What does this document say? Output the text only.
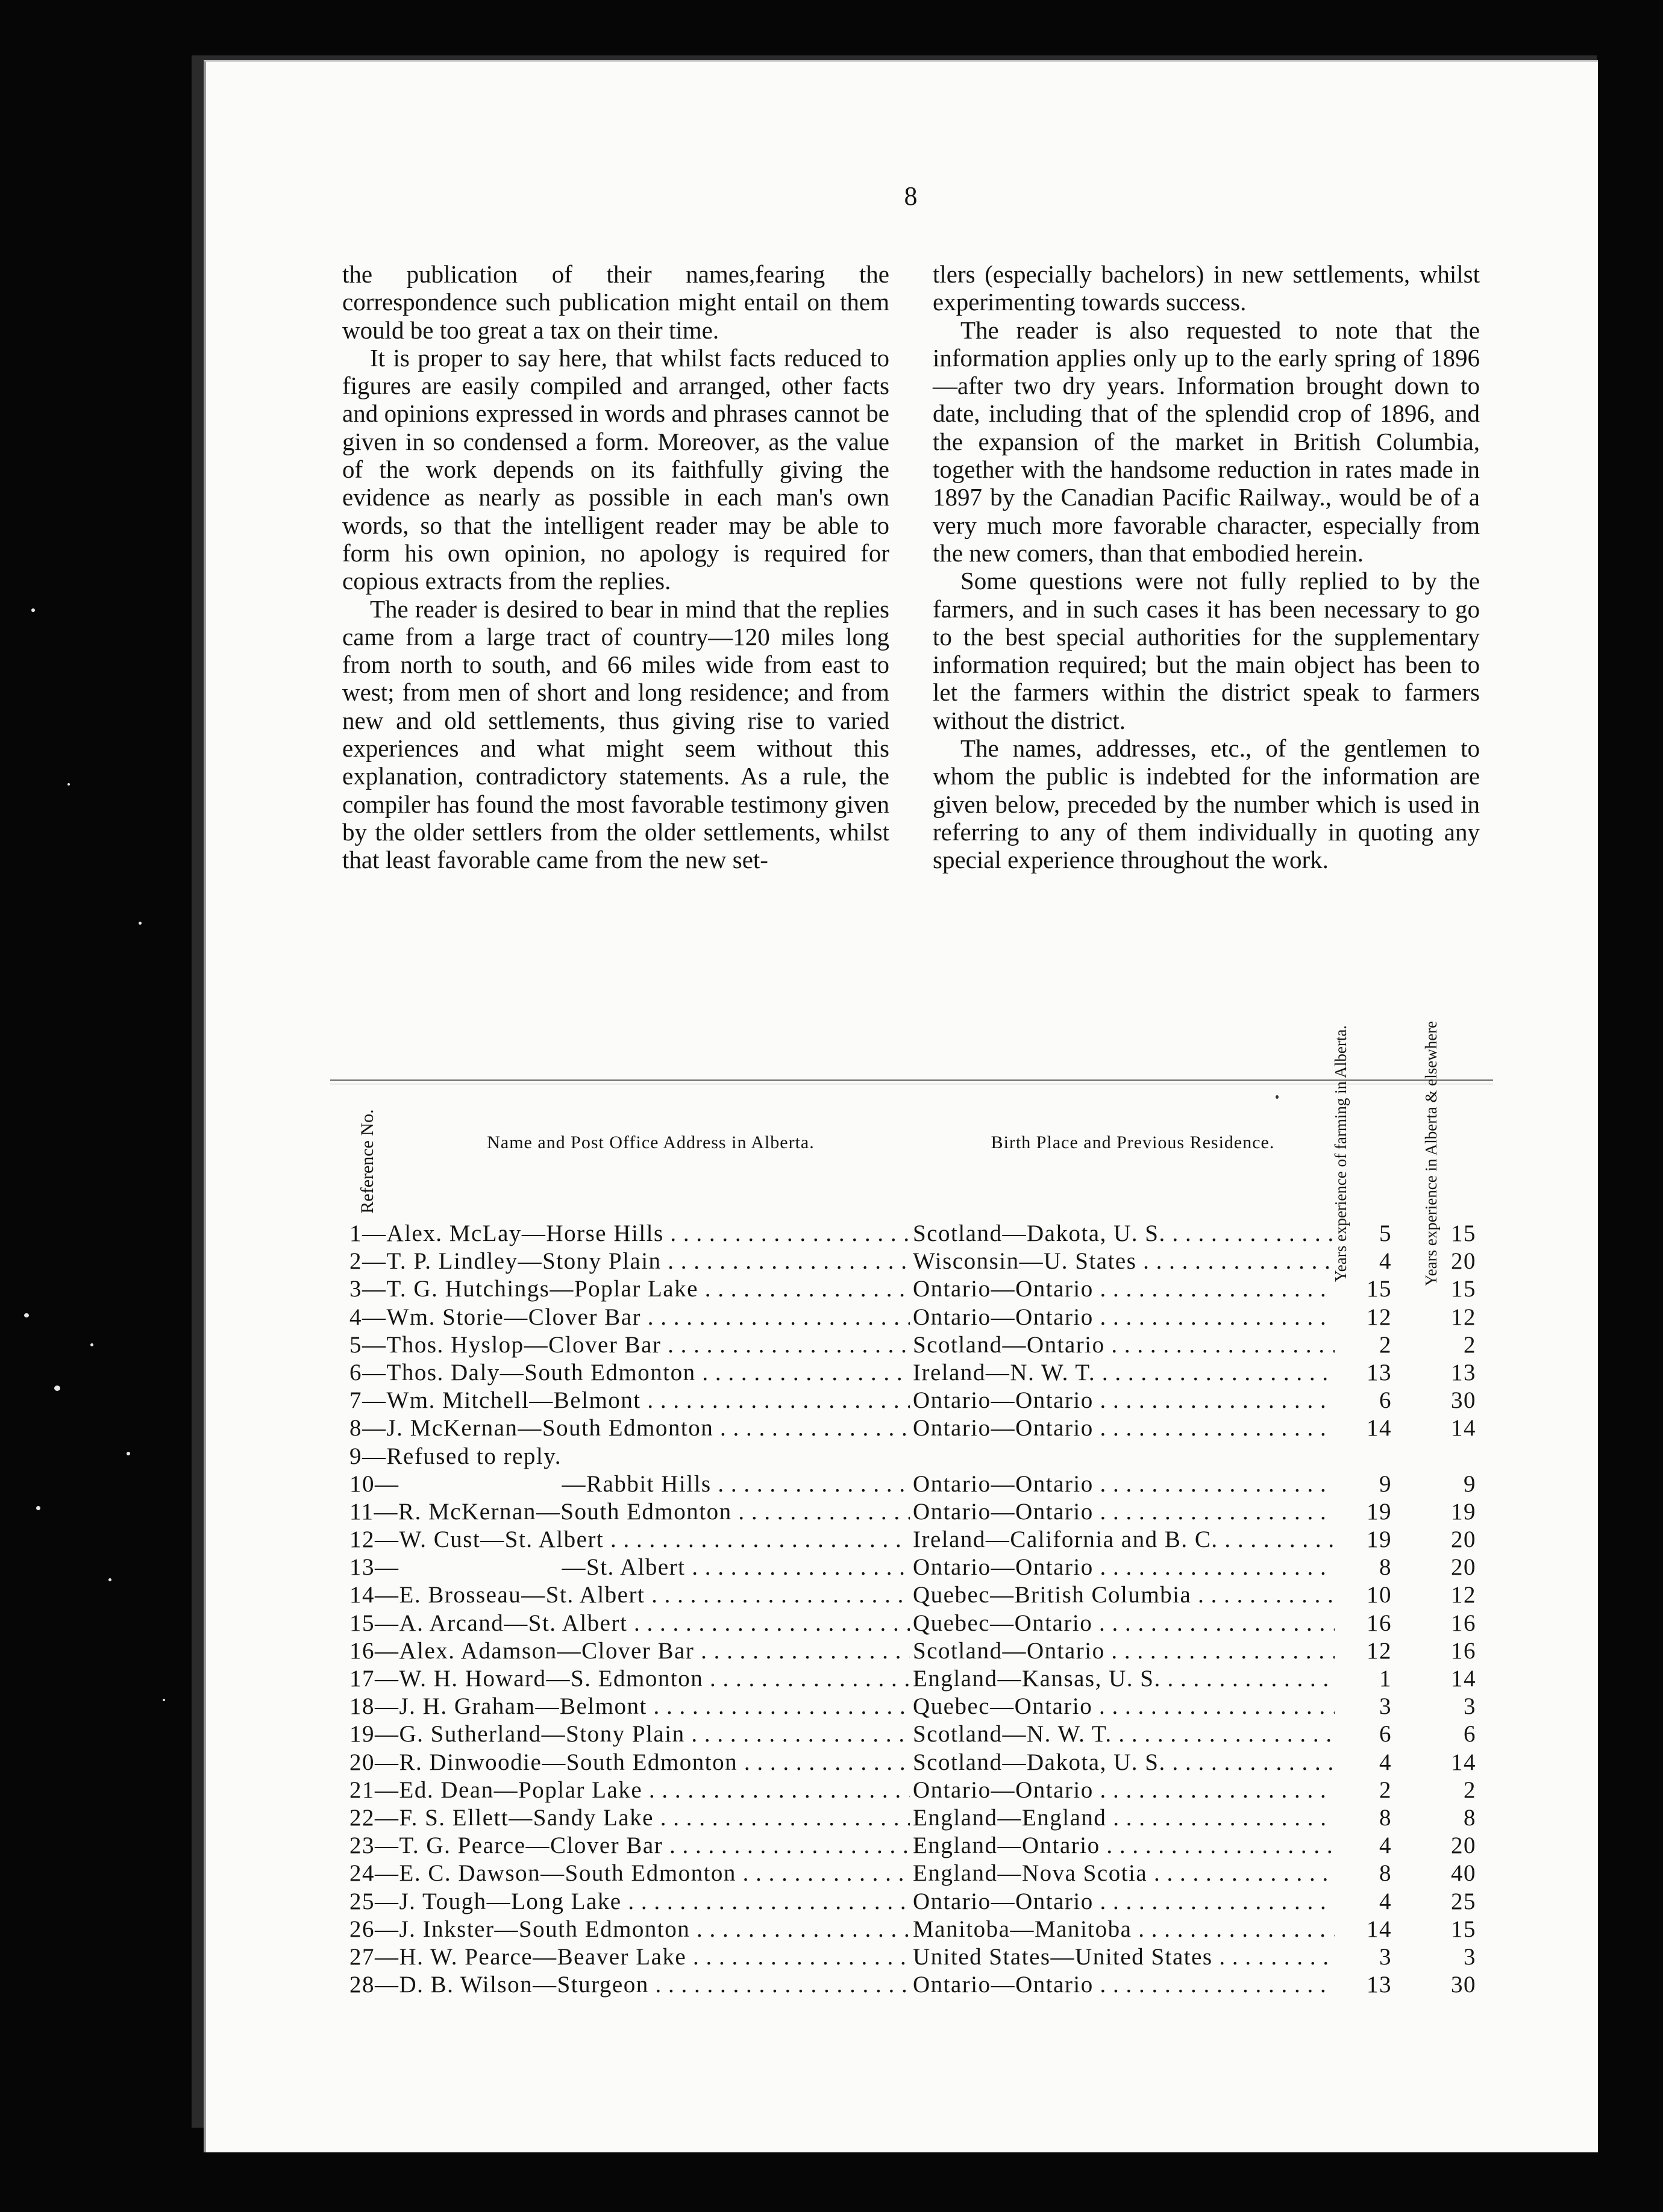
8

the publication of their names,fearing the correspondence such publication might entail on them would be too great a tax on their time.

It is proper to say here, that whilst facts reduced to figures are easily compiled and arranged, other facts and opinions expressed in words and phrases cannot be given in so condensed a form. Moreover, as the value of the work depends on its faithfully giving the evidence as nearly as possible in each man's own words, so that the intelligent reader may be able to form his own opinion, no apology is required for copious extracts from the replies.

The reader is desired to bear in mind that the replies came from a large tract of country—120 miles long from north to south, and 66 miles wide from east to west; from men of short and long residence; and from new and old settlements, thus giving rise to varied experiences and what might seem without this explanation, contradictory statements. As a rule, the compiler has found the most favorable testimony given by the older settlers from the older settlements, whilst that least favorable came from the new set-

tlers (especially bachelors) in new settlements, whilst experimenting towards success.

The reader is also requested to note that the information applies only up to the early spring of 1896—after two dry years. Information brought down to date, including that of the splendid crop of 1896, and the expansion of the market in British Columbia, together with the handsome reduction in rates made in 1897 by the Canadian Pacific Railway., would be of a very much more favorable character, especially from the new comers, than that embodied herein.

Some questions were not fully replied to by the farmers, and in such cases it has been necessary to go to the best special authorities for the supplementary information required; but the main object has been to let the farmers within the district speak to farmers without the district.

The names, addresses, etc., of the gentlemen to whom the public is indebted for the information are given below, preceded by the number which is used in referring to any of them individually in quoting any special experience throughout the work.

Reference No.	Name and Post Office Address in Alberta.	Birth Place and Previous Residence.	Years experience of farming in Alberta.	Years experience in Alberta & elsewhere
1—Alex. McLay—Horse Hills . . .	Scotland—Dakota, U. S. . . .	5	15
2—T. P. Lindley—Stony Plain . . .	Wisconsin—U. States . . .	4	20
3—T. G. Hutchings—Poplar Lake . . .	Ontario—Ontario . . .	15	15
4—Wm. Storie—Clover Bar . . .	Ontario—Ontario . . .	12	12
5—Thos. Hyslop—Clover Bar . . .	Scotland—Ontario . . .	2	2
6—Thos. Daly—South Edmonton . . .	Ireland—N. W. T. . . .	13	13
7—Wm. Mitchell—Belmont . . .	Ontario—Ontario . . .	6	30
8—J. McKernan—South Edmonton . . .	Ontario—Ontario . . .	14	14
9—Refused to reply.
10—                        —Rabbit Hills . . .	Ontario—Ontario . . .	9	9
11—R. McKernan—South Edmonton . . .	Ontario—Ontario . . .	19	19
12—W. Cust—St. Albert . . .	Ireland—California and B. C. . . .	19	20
13—                        —St. Albert . . .	Ontario—Ontario . . .	8	20
14—E. Brosseau—St. Albert . . .	Quebec—British Columbia . . .	10	12
15—A. Arcand—St. Albert . . .	Quebec—Ontario . . .	16	16
16—Alex. Adamson—Clover Bar . . .	Scotland—Ontario . . .	12	16
17—W. H. Howard—S. Edmonton . . .	England—Kansas, U. S. . . .	1	14
18—J. H. Graham—Belmont . . .	Quebec—Ontario . . .	3	3
19—G. Sutherland—Stony Plain . . .	Scotland—N. W. T. . . .	6	6
20—R. Dinwoodie—South Edmonton . . .	Scotland—Dakota, U. S. . . .	4	14
21—Ed. Dean—Poplar Lake . . .	Ontario—Ontario . . .	2	2
22—F. S. Ellett—Sandy Lake . . .	England—England . . .	8	8
23—T. G. Pearce—Clover Bar . . .	England—Ontario . . .	4	20
24—E. C. Dawson—South Edmonton . . .	England—Nova Scotia . . .	8	40
25—J. Tough—Long Lake . . .	Ontario—Ontario . . .	4	25
26—J. Inkster—South Edmonton . . .	Manitoba—Manitoba . . .	14	15
27—H. W. Pearce—Beaver Lake . . .	United States—United States . . .	3	3
28—D. B. Wilson—Sturgeon . . .	Ontario—Ontario . . .	13	30
